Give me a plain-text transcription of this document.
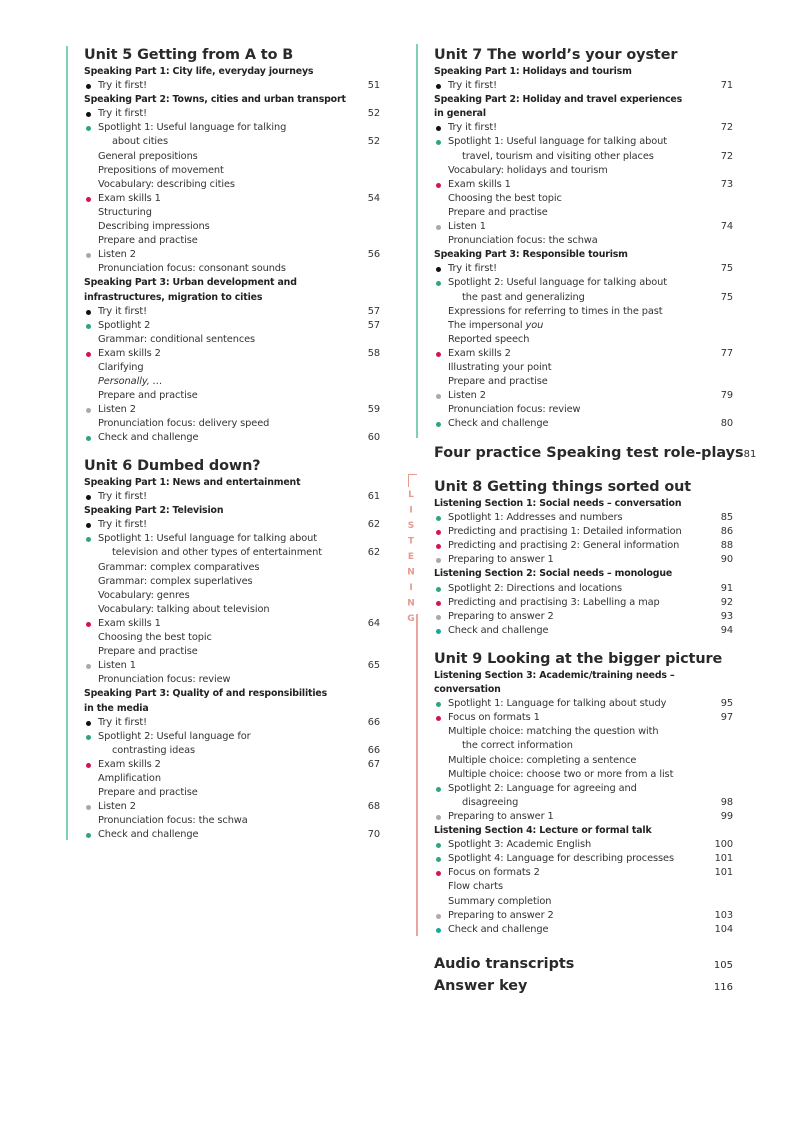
LISTENING
Unit 5 Getting from A to B
Speaking Part 1: City life, everyday journeys
Try it first!	51
Speaking Part 2: Towns, cities and urban transport
Try it first!	52
Spotlight 1: Useful language for talking
about cities	52
General prepositions
Prepositions of movement
Vocabulary: describing cities
Exam skills 1	54
Structuring
Describing impressions
Prepare and practise
Listen 2	56
Pronunciation focus: consonant sounds
Speaking Part 3: Urban development and
infrastructures, migration to cities
Try it first!	57
Spotlight 2	57
Grammar: conditional sentences
Exam skills 2	58
Clarifying
Personally, …
Prepare and practise
Listen 2	59
Pronunciation focus: delivery speed
Check and challenge	60
Unit 6 Dumbed down?
Speaking Part 1: News and entertainment
Try it first!	61
Speaking Part 2: Television
Try it first!	62
Spotlight 1: Useful language for talking about
television and other types of entertainment	62
Grammar: complex comparatives
Grammar: complex superlatives
Vocabulary: genres
Vocabulary: talking about television
Exam skills 1	64
Choosing the best topic
Prepare and practise
Listen 1	65
Pronunciation focus: review
Speaking Part 3: Quality of and responsibilities
in the media
Try it first!	66
Spotlight 2: Useful language for
contrasting ideas	66
Exam skills 2	67
Amplification
Prepare and practise
Listen 2	68
Pronunciation focus: the schwa
Check and challenge	70
Unit 7 The world’s your oyster
Speaking Part 1: Holidays and tourism
Try it first!	71
Speaking Part 2: Holiday and travel experiences
in general
Try it first!	72
Spotlight 1: Useful language for talking about
travel, tourism and visiting other places	72
Vocabulary: holidays and tourism
Exam skills 1	73
Choosing the best topic
Prepare and practise
Listen 1	74
Pronunciation focus: the schwa
Speaking Part 3: Responsible tourism
Try it first!	75
Spotlight 2: Useful language for talking about
the past and generalizing	75
Expressions for referring to times in the past
The impersonal you
Reported speech
Exam skills 2	77
Illustrating your point
Prepare and practise
Listen 2	79
Pronunciation focus: review
Check and challenge	80
Four practice Speaking test role-plays 81
Unit 8 Getting things sorted out
Listening Section 1: Social needs – conversation
Spotlight 1: Addresses and numbers	85
Predicting and practising 1: Detailed information	86
Predicting and practising 2: General information	88
Preparing to answer 1	90
Listening Section 2: Social needs – monologue
Spotlight 2: Directions and locations	91
Predicting and practising 3: Labelling a map	92
Preparing to answer 2	93
Check and challenge	94
Unit 9 Looking at the bigger picture
Listening Section 3: Academic/training needs –
conversation
Spotlight 1: Language for talking about study	95
Focus on formats 1	97
Multiple choice: matching the question with
the correct information
Multiple choice: completing a sentence
Multiple choice: choose two or more from a list
Spotlight 2: Language for agreeing and
disagreeing	98
Preparing to answer 1	99
Listening Section 4: Lecture or formal talk
Spotlight 3: Academic English	100
Spotlight 4: Language for describing processes	101
Focus on formats 2	101
Flow charts
Summary completion
Preparing to answer 2	103
Check and challenge	104
Audio transcripts	105
Answer key	116
